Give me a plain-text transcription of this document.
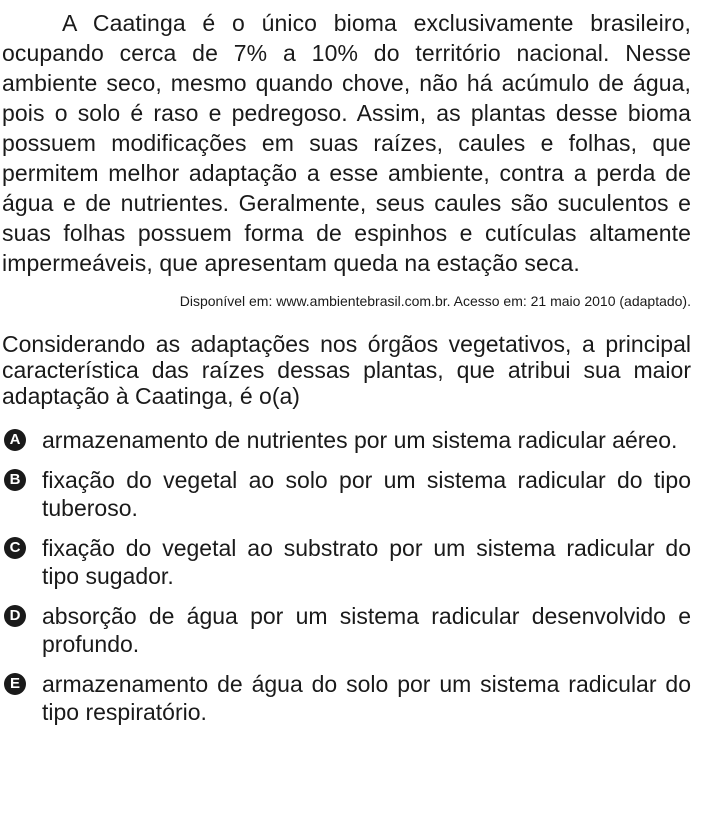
A Caatinga é o único bioma exclusivamente brasileiro, ocupando cerca de 7% a 10% do território nacional. Nesse ambiente seco, mesmo quando chove, não há acúmulo de água, pois o solo é raso e pedregoso. Assim, as plantas desse bioma possuem modificações em suas raízes, caules e folhas, que permitem melhor adaptação a esse ambiente, contra a perda de água e de nutrientes. Geralmente, seus caules são suculentos e suas folhas possuem forma de espinhos e cutículas altamente impermeáveis, que apresentam queda na estação seca.

Disponível em: www.ambientebrasil.com.br. Acesso em: 21 maio 2010 (adaptado).

Considerando as adaptações nos órgãos vegetativos, a principal característica das raízes dessas plantas, que atribui sua maior adaptação à Caatinga, é o(a)

A armazenamento de nutrientes por um sistema radicular aéreo.
B fixação do vegetal ao solo por um sistema radicular do tipo tuberoso.
C fixação do vegetal ao substrato por um sistema radicular do tipo sugador.
D absorção de água por um sistema radicular desenvolvido e profundo.
E armazenamento de água do solo por um sistema radicular do tipo respiratório.
